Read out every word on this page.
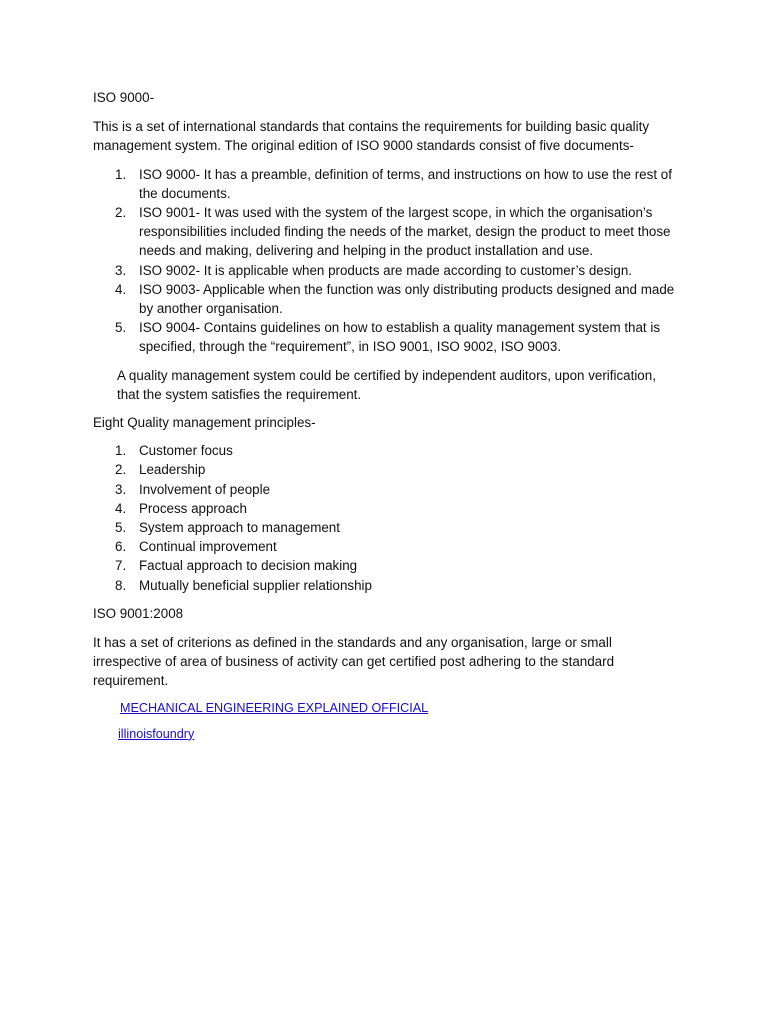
ISO 9000-

This is a set of international standards that contains the requirements for building basic quality management system. The original edition of ISO 9000 standards consist of five documents-

1. ISO 9000- It has a preamble, definition of terms, and instructions on how to use the rest of the documents.
2. ISO 9001- It was used with the system of the largest scope, in which the organisation’s responsibilities included finding the needs of the market, design the product to meet those needs and making, delivering and helping in the product installation and use.
3. ISO 9002- It is applicable when products are made according to customer’s design.
4. ISO 9003- Applicable when the function was only distributing products designed and made by another organisation.
5. ISO 9004- Contains guidelines on how to establish a quality management system that is specified, through the “requirement”, in ISO 9001, ISO 9002, ISO 9003.

A quality management system could be certified by independent auditors, upon verification, that the system satisfies the requirement.

Eight Quality management principles-

1. Customer focus
2. Leadership
3. Involvement of people
4. Process approach
5. System approach to management
6. Continual improvement
7. Factual approach to decision making
8. Mutually beneficial supplier relationship

ISO 9001:2008

It has a set of criterions as defined in the standards and any organisation, large or small irrespective of area of business of activity can get certified post adhering to the standard requirement.

MECHANICAL ENGINEERING EXPLAINED OFFICIAL
illinoisfoundry
